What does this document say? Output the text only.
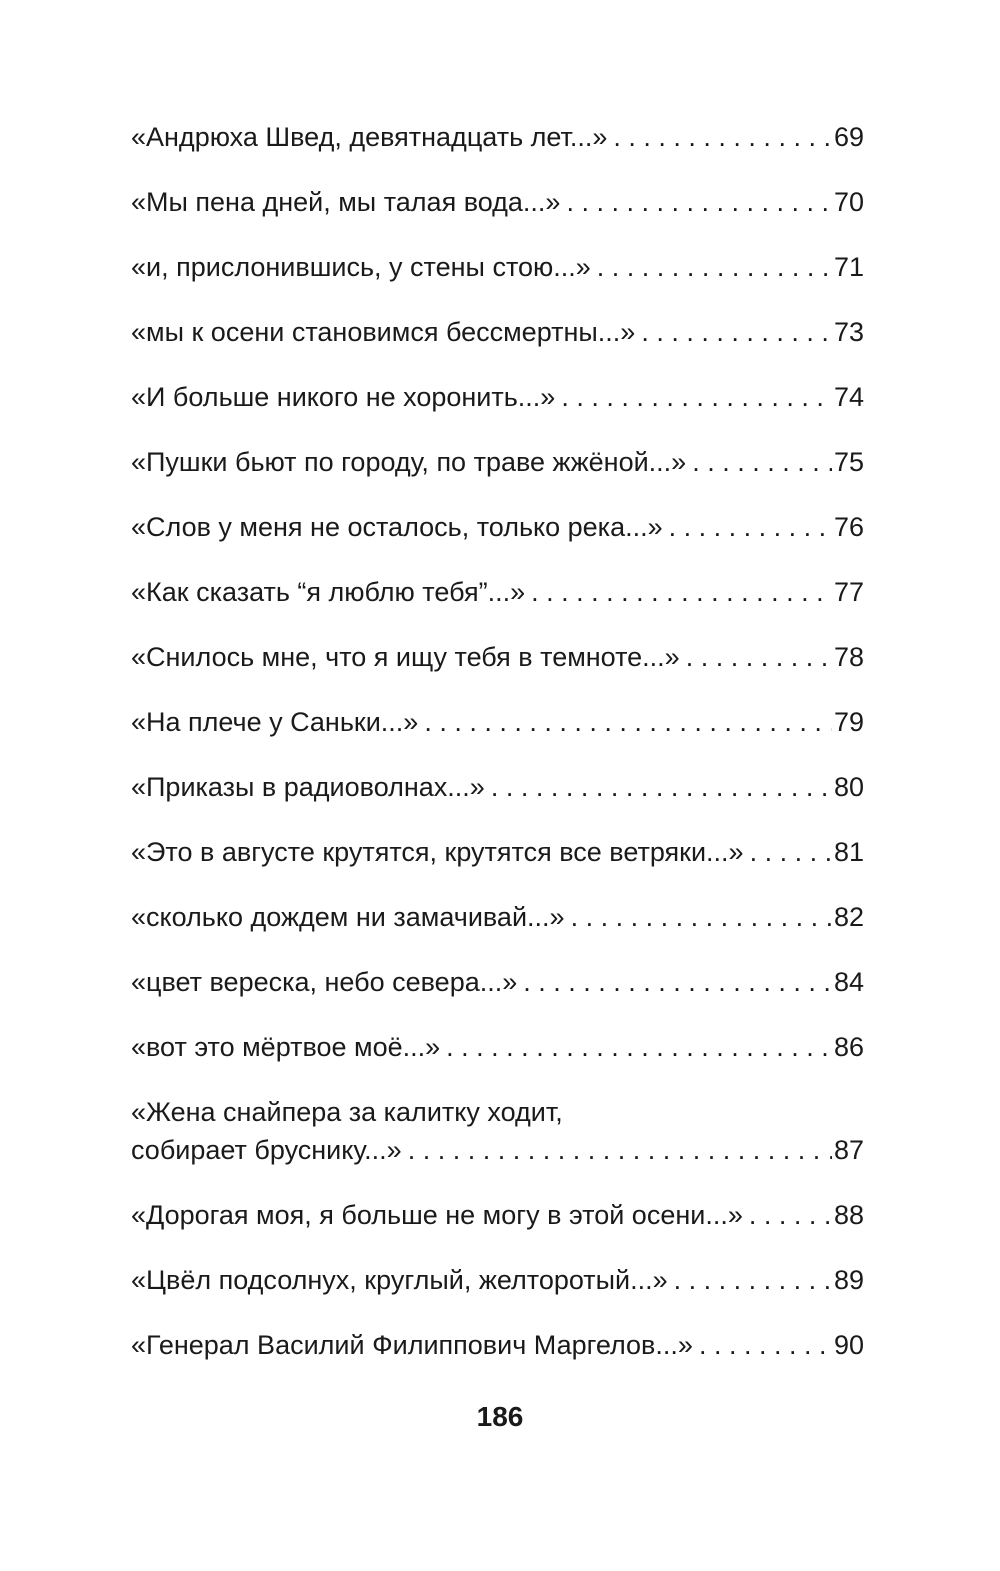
«Андрюха Швед, девятнадцать лет...» . . .	69
«Мы пена дней, мы талая вода...» . . .	70
«и, прислонившись, у стены стою...» . . .	71
«мы к осени становимся бессмертны...» . . .	73
«И больше никого не хоронить...» . . .	74
«Пушки бьют по городу, по траве жжёной...» . . .	75
«Слов у меня не осталось, только река...» . . .	76
«Как сказать “я люблю тебя”...» . . .	77
«Снилось мне, что я ищу тебя в темноте...» . . .	78
«На плече у Саньки...» . . .	79
«Приказы в радиоволнах...» . . .	80
«Это в августе крутятся, крутятся все ветряки...» . . .	81
«сколько дождем ни замачивай...» . . .	82
«цвет вереска, небо севера...» . . .	84
«вот это мёртвое моё...» . . .	86
«Жена снайпера за калитку ходит,
собирает бруснику...» . . .	87
«Дорогая моя, я больше не могу в этой осени...» . . .	88
«Цвёл подсолнух, круглый, желторотый...» . . .	89
«Генерал Василий Филиппович Маргелов...» . . .	90
186
